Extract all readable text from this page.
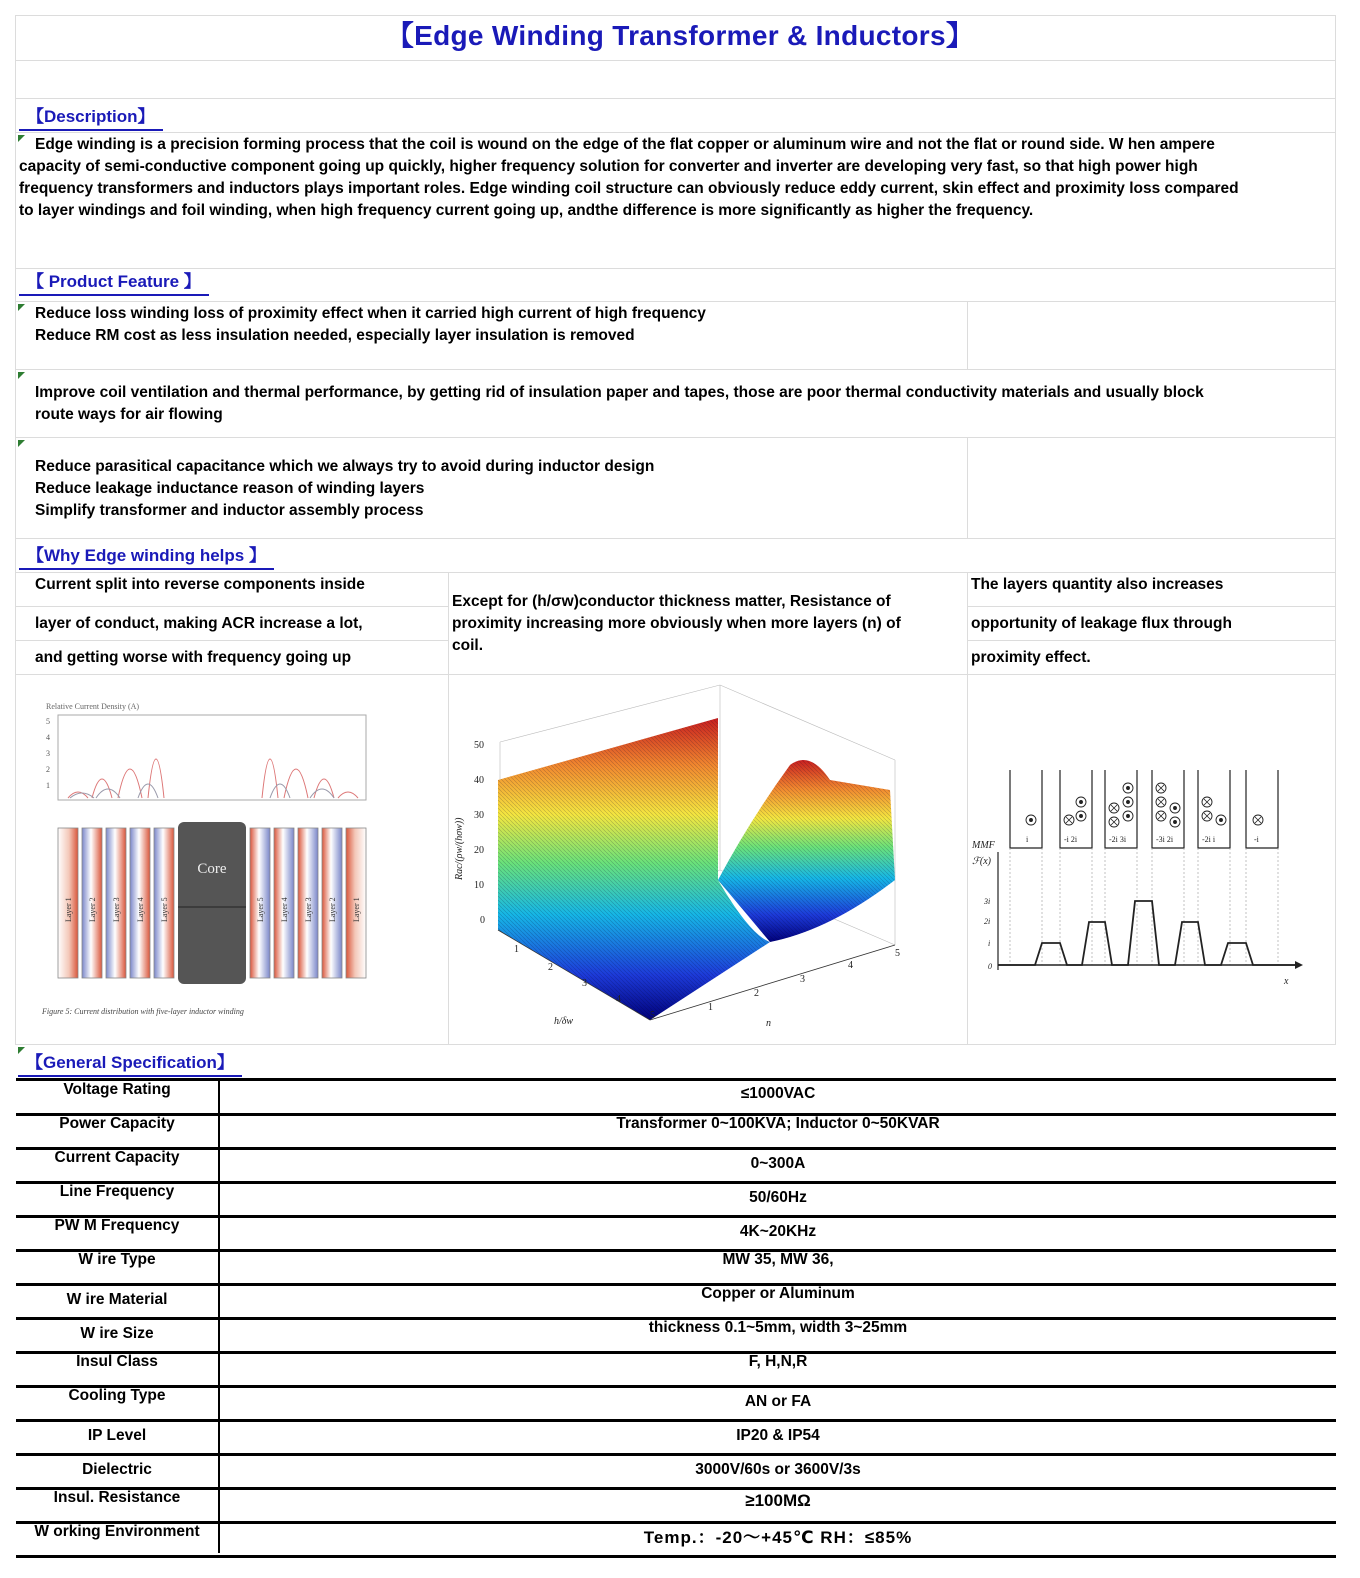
【Edge Winding Transformer & Inductors】
【Description】
Edge winding is a precision forming process that the coil is wound on the edge of the flat copper or aluminum wire and not the flat or round side. W hen ampere
capacity of semi-conductive component going up quickly, higher frequency solution for converter and inverter are developing very fast, so that high power high
frequency transformers and inductors plays important roles. Edge winding coil structure can obviously reduce eddy current, skin effect and proximity loss compared
to layer windings and foil winding, when high frequency current going up, andthe difference is more significantly as higher the frequency.
【 Product Feature 】
Reduce loss winding loss of proximity effect when it carried high current of high frequency
Reduce RM cost as less insulation needed, especially layer insulation is removed
Improve coil ventilation and thermal performance, by getting rid of insulation paper and tapes, those are poor thermal conductivity materials and usually block
route ways for air flowing
Reduce parasitical capacitance which we always try to avoid during inductor design
Reduce leakage inductance reason of winding layers
Simplify transformer and inductor assembly process
【Why Edge winding helps 】
Current split into reverse components inside
layer of conduct, making ACR increase a lot,
and getting worse with frequency going up
Except for (h/σw)conductor thickness matter, Resistance of
proximity increasing more obviously when more layers (n) of
coil.
The layers quantity also increases
opportunity of leakage flux through
proximity effect.
Relative Current Density (A)
5
4
3
2
1
Core
Layer 1 Layer 2 Layer 3 Layer 4 Layer 5	Layer 5 Layer 4 Layer 3 Layer 2 Layer 1
Figure 5: Current distribution with five-layer inductor winding
50
40
30
20
10
0
1
2
3
4
5
1
2
3
4
5
Rac/(ρw/(hσw))
h/δw	n
i	-i 2i	-2i 3i	-3i 2i	-2i i	-i
MMF
ℱ(x)
3i
2i
i
0
x
【General Specification】
Voltage Rating	≤1000VAC
Power Capacity	Transformer 0~100KVA; Inductor 0~50KVAR
Current Capacity	0~300A
Line Frequency	50/60Hz
PW M Frequency	4K~20KHz
W ire Type	MW 35, MW 36,
W ire Material	Copper or Aluminum
W ire Size	thickness 0.1~5mm, width 3~25mm
Insul Class	F, H,N,R
Cooling Type	AN or FA
IP Level	IP20 & IP54
Dielectric	3000V/60s or 3600V/3s
Insul. Resistance	≥100MΩ
W orking Environment	Temp.：-20～+45℃ RH：≤85%
